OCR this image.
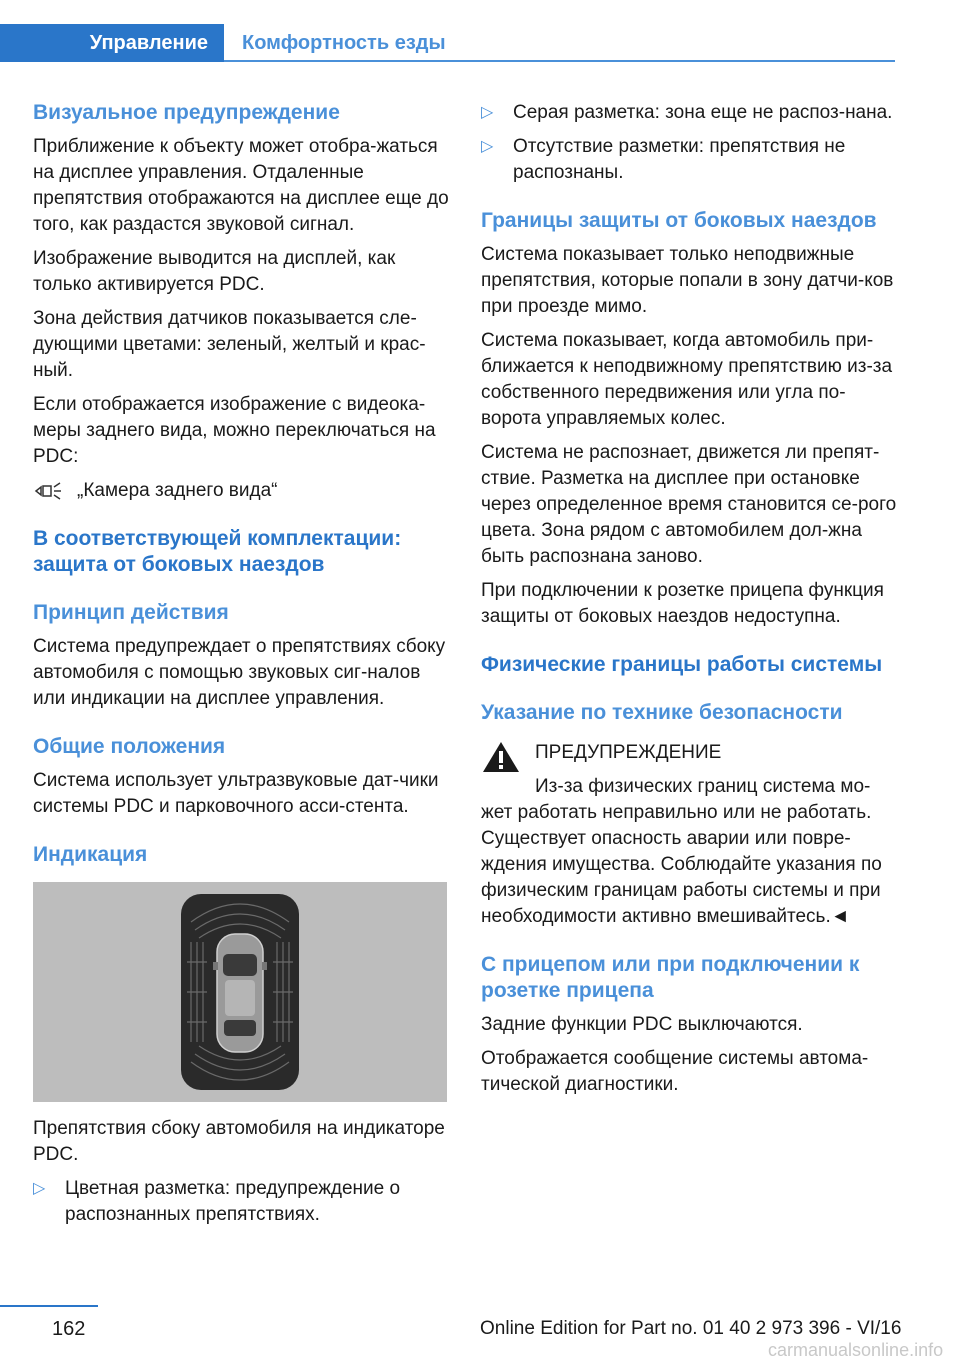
Управление	Комфортность езды
Визуальное предупреждение

Приближение к объекту может отобра-жаться на дисплее управления. Отдаленные препятствия отображаются на дисплее еще до того, как раздастся звуковой сигнал.

Изображение выводится на дисплей, как только активируется PDC.

Зона действия датчиков показывается сле-дующими цветами: зеленый, желтый и крас-ный.

Если отображается изображение с видеока-меры заднего вида, можно переключаться на PDC:

„Камера заднего вида“
В соответствующей комплектации: защита от боковых наездов
Принцип действия

Система предупреждает о препятствиях сбоку автомобиля с помощью звуковых сиг-налов или индикации на дисплее управления.

Общие положения

Система использует ультразвуковые дат-чики системы PDC и парковочного асси-стента.

Индикация
Препятствия сбоку автомобиля на индикаторе PDC.
▷	Цветная разметка: предупреждение о распознанных препятствиях.
▷	Серая разметка: зона еще не распоз-нана.
▷	Отсутствие разметки: препятствия не распознаны.
Границы защиты от боковых наездов

Система показывает только неподвижные препятствия, которые попали в зону датчи-ков при проезде мимо.

Система показывает, когда автомобиль при-ближается к неподвижному препятствию из-за собственного передвижения или угла по-ворота управляемых колес.

Система не распознает, движется ли препят-ствие. Разметка на дисплее при остановке через определенное время становится се-рого цвета. Зона рядом с автомобилем дол-жна быть распознана заново.

При подключении к розетке прицепа функция защиты от боковых наездов недоступна.

Физические границы работы системы
Указание по технике безопасности

ПРЕДУПРЕЖДЕНИЕ

Из-за физических границ система мо-жет работать неправильно или не работать. Существует опасность аварии или повре-ждения имущества. Соблюдайте указания по физическим границам работы системы и при необходимости активно вмешивайтесь.◄

С прицепом или при подключении к розетке прицепа

Задние функции PDC выключаются.

Отображается сообщение системы автома-тической диагностики.

162	Online Edition for Part no. 01 40 2 973 396 - VI/16
carmanualsonline.info
